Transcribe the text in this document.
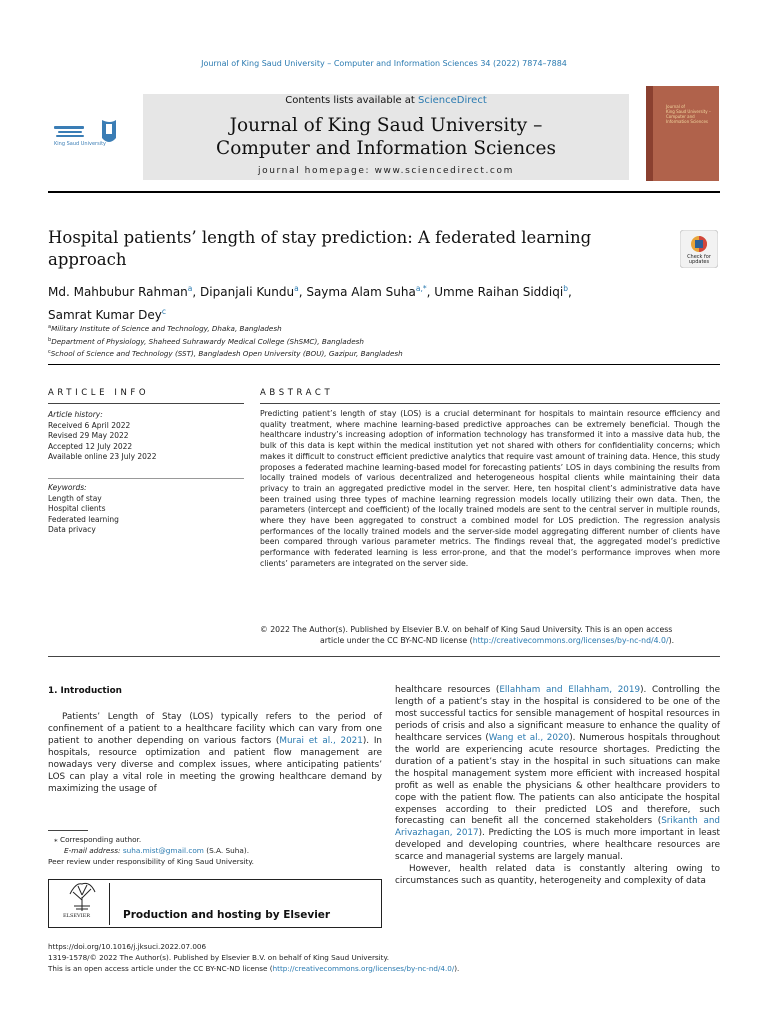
Journal of King Saud University – Computer and Information Sciences 34 (2022) 7874–7884
King Saud University
Contents lists available at ScienceDirect
Journal of King Saud University –
Computer and Information Sciences
journal homepage: www.sciencedirect.com
Journal of
King Saud University –
Computer and
Information Sciences
Hospital patients’ length of stay prediction: A federated learning
approach	Check for updates
Md. Mahbubur Rahman$^a$, Dipanjali Kundu$^a$, Sayma Alam Suha$^{a,*}$, Umme Raihan Siddiqi$^b$,
Samrat Kumar Dey$^c$
$^a$Military Institute of Science and Technology, Dhaka, Bangladesh
$^b$Department of Physiology, Shaheed Suhrawardy Medical College (ShSMC), Bangladesh
$^c$School of Science and Technology (SST), Bangladesh Open University (BOU), Gazipur, Bangladesh
ARTICLE INFO
Article history:
Received 6 April 2022
Revised 29 May 2022
Accepted 12 July 2022
Available online 23 July 2022
Keywords:
Length of stay
Hospital clients
Federated learning
Data privacy
ABSTRACT
Predicting patient’s length of stay (LOS) is a crucial determinant for hospitals to maintain resource efficiency and quality treatment, where machine learning-based predictive approaches can be extremely beneficial. Though the healthcare industry’s increasing adoption of information technology has transformed it into a massive data hub, the bulk of this data is kept within the medical institution yet not shared with others for confidentiality concerns; which makes it difficult to construct efficient predictive analytics that require vast amount of training data. Hence, this study proposes a federated machine learning-based model for forecasting patients’ LOS in days combining the results from locally trained models of various decentralized and heterogeneous hospital clients while maintaining their data privacy to train an aggregated predictive model in the server. Here, ten hospital client’s administrative data have been trained using three types of machine learning regression models locally utilizing their own data. Then, the parameters (intercept and coefficient) of the locally trained models are sent to the central server in multiple rounds, where they have been aggregated to construct a combined model for LOS prediction. The regression analysis performances of the locally trained models and the server-side model aggregating different number of clients have been compared through various parameter metrics. The findings reveal that, the aggregated model’s predictive performance with federated learning is less error-prone, and that the model’s performance improves when more clients’ parameters are integrated on the server side.
© 2022 The Author(s). Published by Elsevier B.V. on behalf of King Saud University. This is an open access
article under the CC BY-NC-ND license (http://creativecommons.org/licenses/by-nc-nd/4.0/).
1. Introduction

Patients’ Length of Stay (LOS) typically refers to the period of confinement of a patient to a healthcare facility which can vary from one patient to another depending on various factors (Murai et al., 2021). In hospitals, resource optimization and patient flow management are nowadays very diverse and complex issues, where anticipating patients’ LOS can play a vital role in meeting the growing healthcare demand by maximizing the usage of

healthcare resources (Ellahham and Ellahham, 2019). Controlling the length of a patient’s stay in the hospital is considered to be one of the most successful tactics for sensible management of hospital resources in periods of crisis and also a significant measure to enhance the quality of healthcare services (Wang et al., 2020). Numerous hospitals throughout the world are experiencing acute resource shortages. Predicting the duration of a patient’s stay in the hospital in such situations can make the hospital management system more efficient with increased hospital profit as well as enable the physicians & other healthcare providers to cope with the patient flow. The patients can also anticipate the hospital expenses according to their predicted LOS and therefore, such forecasting can benefit all the concerned stakeholders (Srikanth and Arivazhagan, 2017). Predicting the LOS is much more important in least developed and developing countries, where healthcare resources are scarce and managerial systems are largely manual.

However, health related data is constantly altering owing to circumstances such as quantity, heterogeneity and complexity of data

⁎ Corresponding author.
E-mail address: suha.mist@gmail.com (S.A. Suha).
Peer review under responsibility of King Saud University.
ELSEVIER	Production and hosting by Elsevier
https://doi.org/10.1016/j.jksuci.2022.07.006
1319-1578/© 2022 The Author(s). Published by Elsevier B.V. on behalf of King Saud University.
This is an open access article under the CC BY-NC-ND license (http://creativecommons.org/licenses/by-nc-nd/4.0/).
